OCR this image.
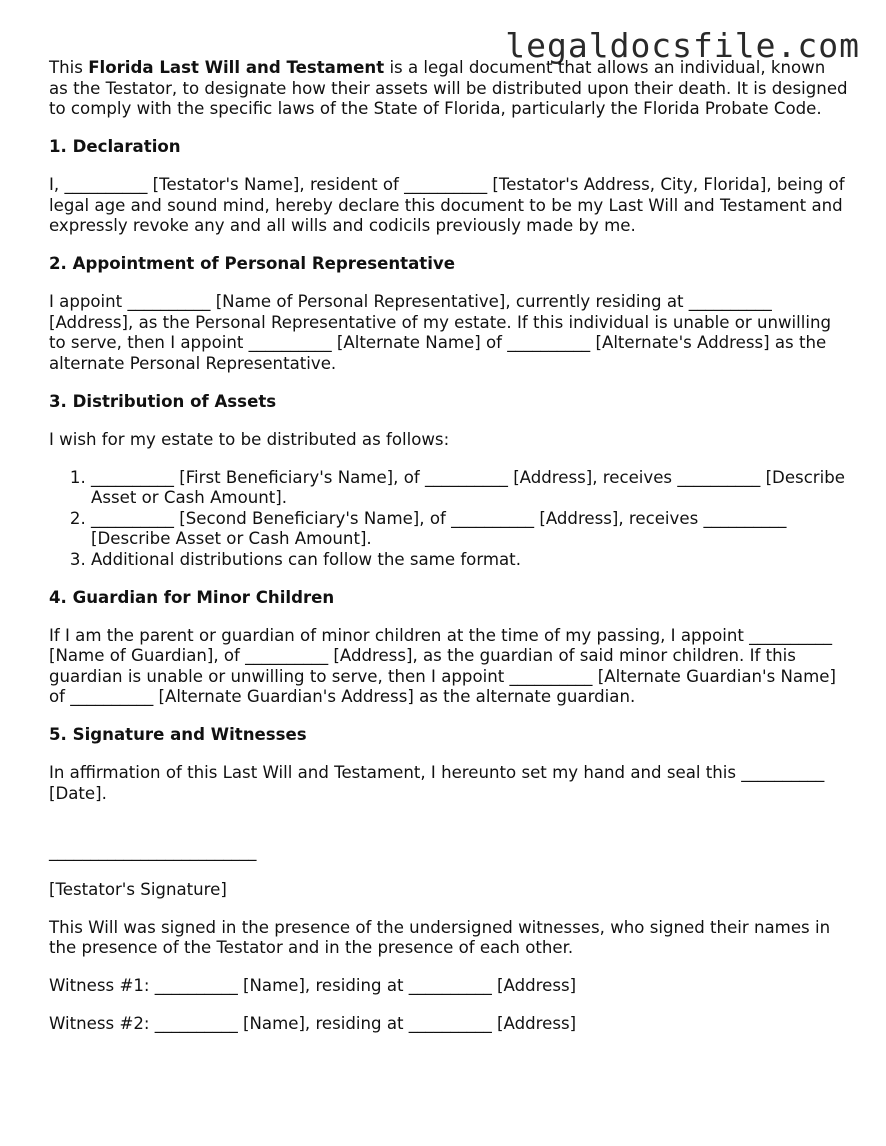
legaldocsfile.com

This Florida Last Will and Testament is a legal document that allows an individual, known as the Testator, to designate how their assets will be distributed upon their death. It is designed to comply with the specific laws of the State of Florida, particularly the Florida Probate Code.

1. Declaration

I, __________ [Testator's Name], resident of __________ [Testator's Address, City, Florida], being of legal age and sound mind, hereby declare this document to be my Last Will and Testament and expressly revoke any and all wills and codicils previously made by me.

2. Appointment of Personal Representative

I appoint __________ [Name of Personal Representative], currently residing at __________ [Address], as the Personal Representative of my estate. If this individual is unable or unwilling to serve, then I appoint __________ [Alternate Name] of __________ [Alternate's Address] as the alternate Personal Representative.

3. Distribution of Assets

I wish for my estate to be distributed as follows:

1. __________ [First Beneficiary's Name], of __________ [Address], receives __________ [Describe Asset or Cash Amount].
2. __________ [Second Beneficiary's Name], of __________ [Address], receives __________ [Describe Asset or Cash Amount].
3. Additional distributions can follow the same format.
4. Guardian for Minor Children

If I am the parent or guardian of minor children at the time of my passing, I appoint __________ [Name of Guardian], of __________ [Address], as the guardian of said minor children. If this guardian is unable or unwilling to serve, then I appoint __________ [Alternate Guardian's Name] of __________ [Alternate Guardian's Address] as the alternate guardian.

5. Signature and Witnesses

In affirmation of this Last Will and Testament, I hereunto set my hand and seal this __________ [Date].

_________________________

[Testator's Signature]

This Will was signed in the presence of the undersigned witnesses, who signed their names in the presence of the Testator and in the presence of each other.

Witness #1: __________ [Name], residing at __________ [Address]

Witness #2: __________ [Name], residing at __________ [Address]
